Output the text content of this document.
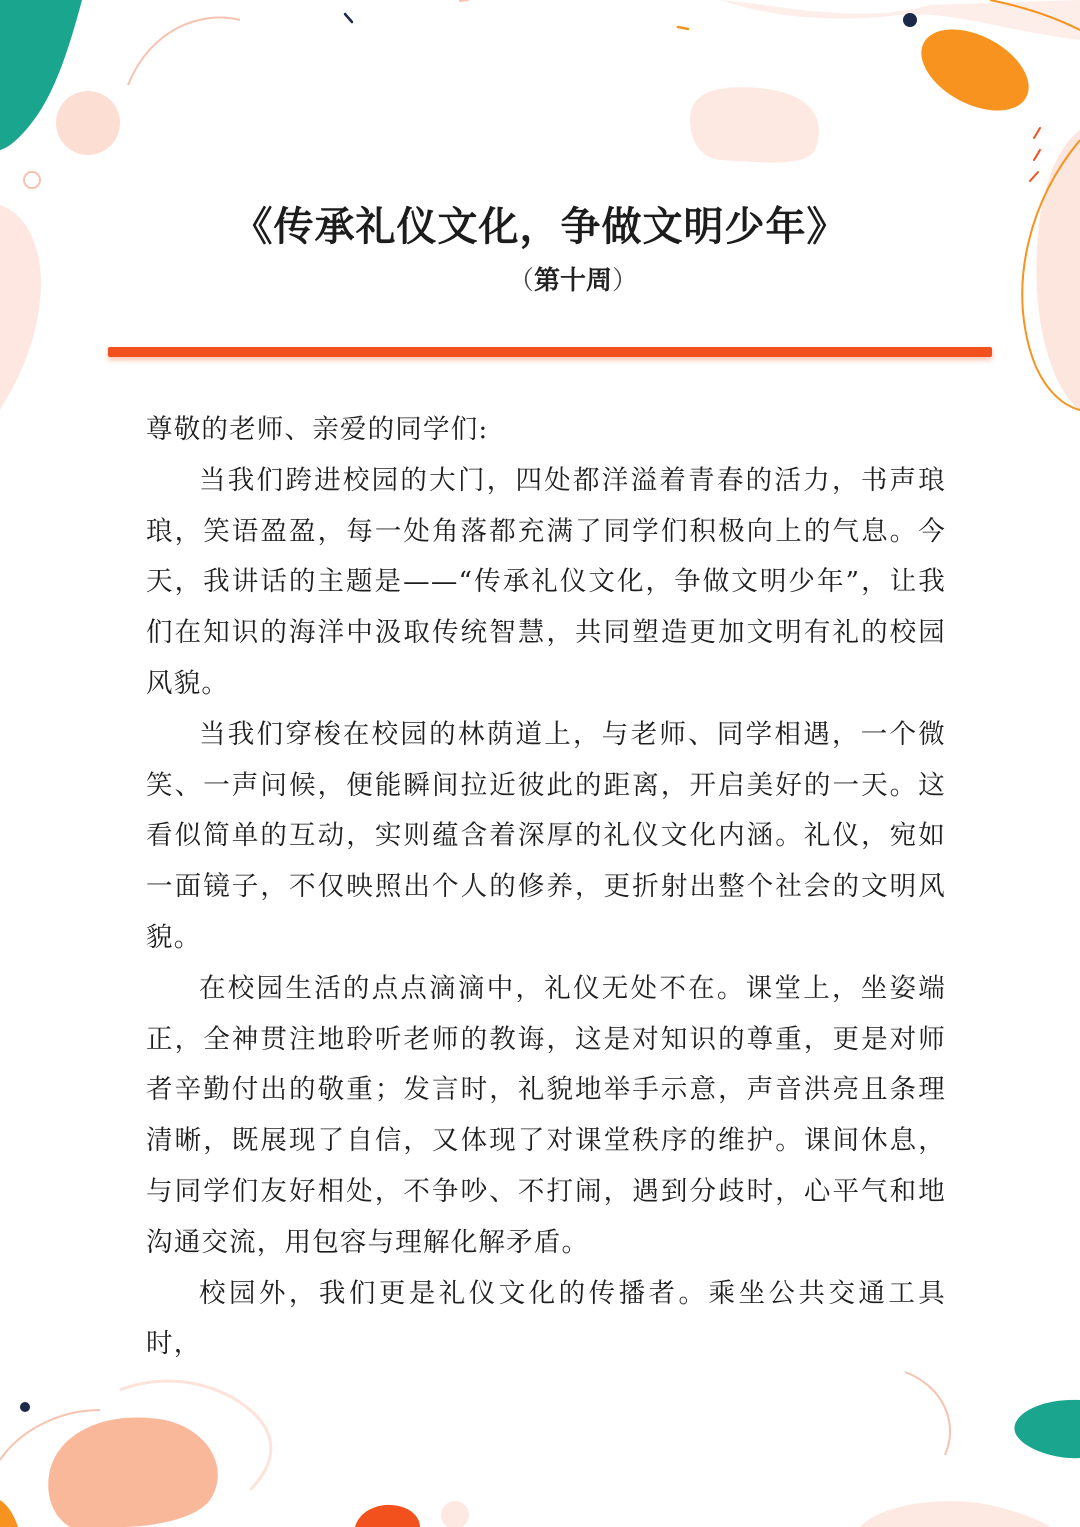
《传承礼仪文化，争做文明少年》
（第十周）

尊敬的老师、亲爱的同学们:

当我们跨进校园的大门，四处都洋溢着青春的活力，书声琅琅，笑语盈盈，每一处角落都充满了同学们积极向上的气息。今天，我讲话的主题是——“传承礼仪文化，争做文明少年”，让我们在知识的海洋中汲取传统智慧，共同塑造更加文明有礼的校园风貌。

当我们穿梭在校园的林荫道上，与老师、同学相遇，一个微笑、一声问候，便能瞬间拉近彼此的距离，开启美好的一天。这看似简单的互动，实则蕴含着深厚的礼仪文化内涵。礼仪，宛如一面镜子，不仅映照出个人的修养，更折射出整个社会的文明风貌。

在校园生活的点点滴滴中，礼仪无处不在。课堂上，坐姿端正，全神贯注地聆听老师的教诲，这是对知识的尊重，更是对师者辛勤付出的敬重；发言时，礼貌地举手示意，声音洪亮且条理清晰，既展现了自信，又体现了对课堂秩序的维护。课间休息，与同学们友好相处，不争吵、不打闹，遇到分歧时，心平气和地沟通交流，用包容与理解化解矛盾。

校园外，我们更是礼仪文化的传播者。乘坐公共交通工具时，
